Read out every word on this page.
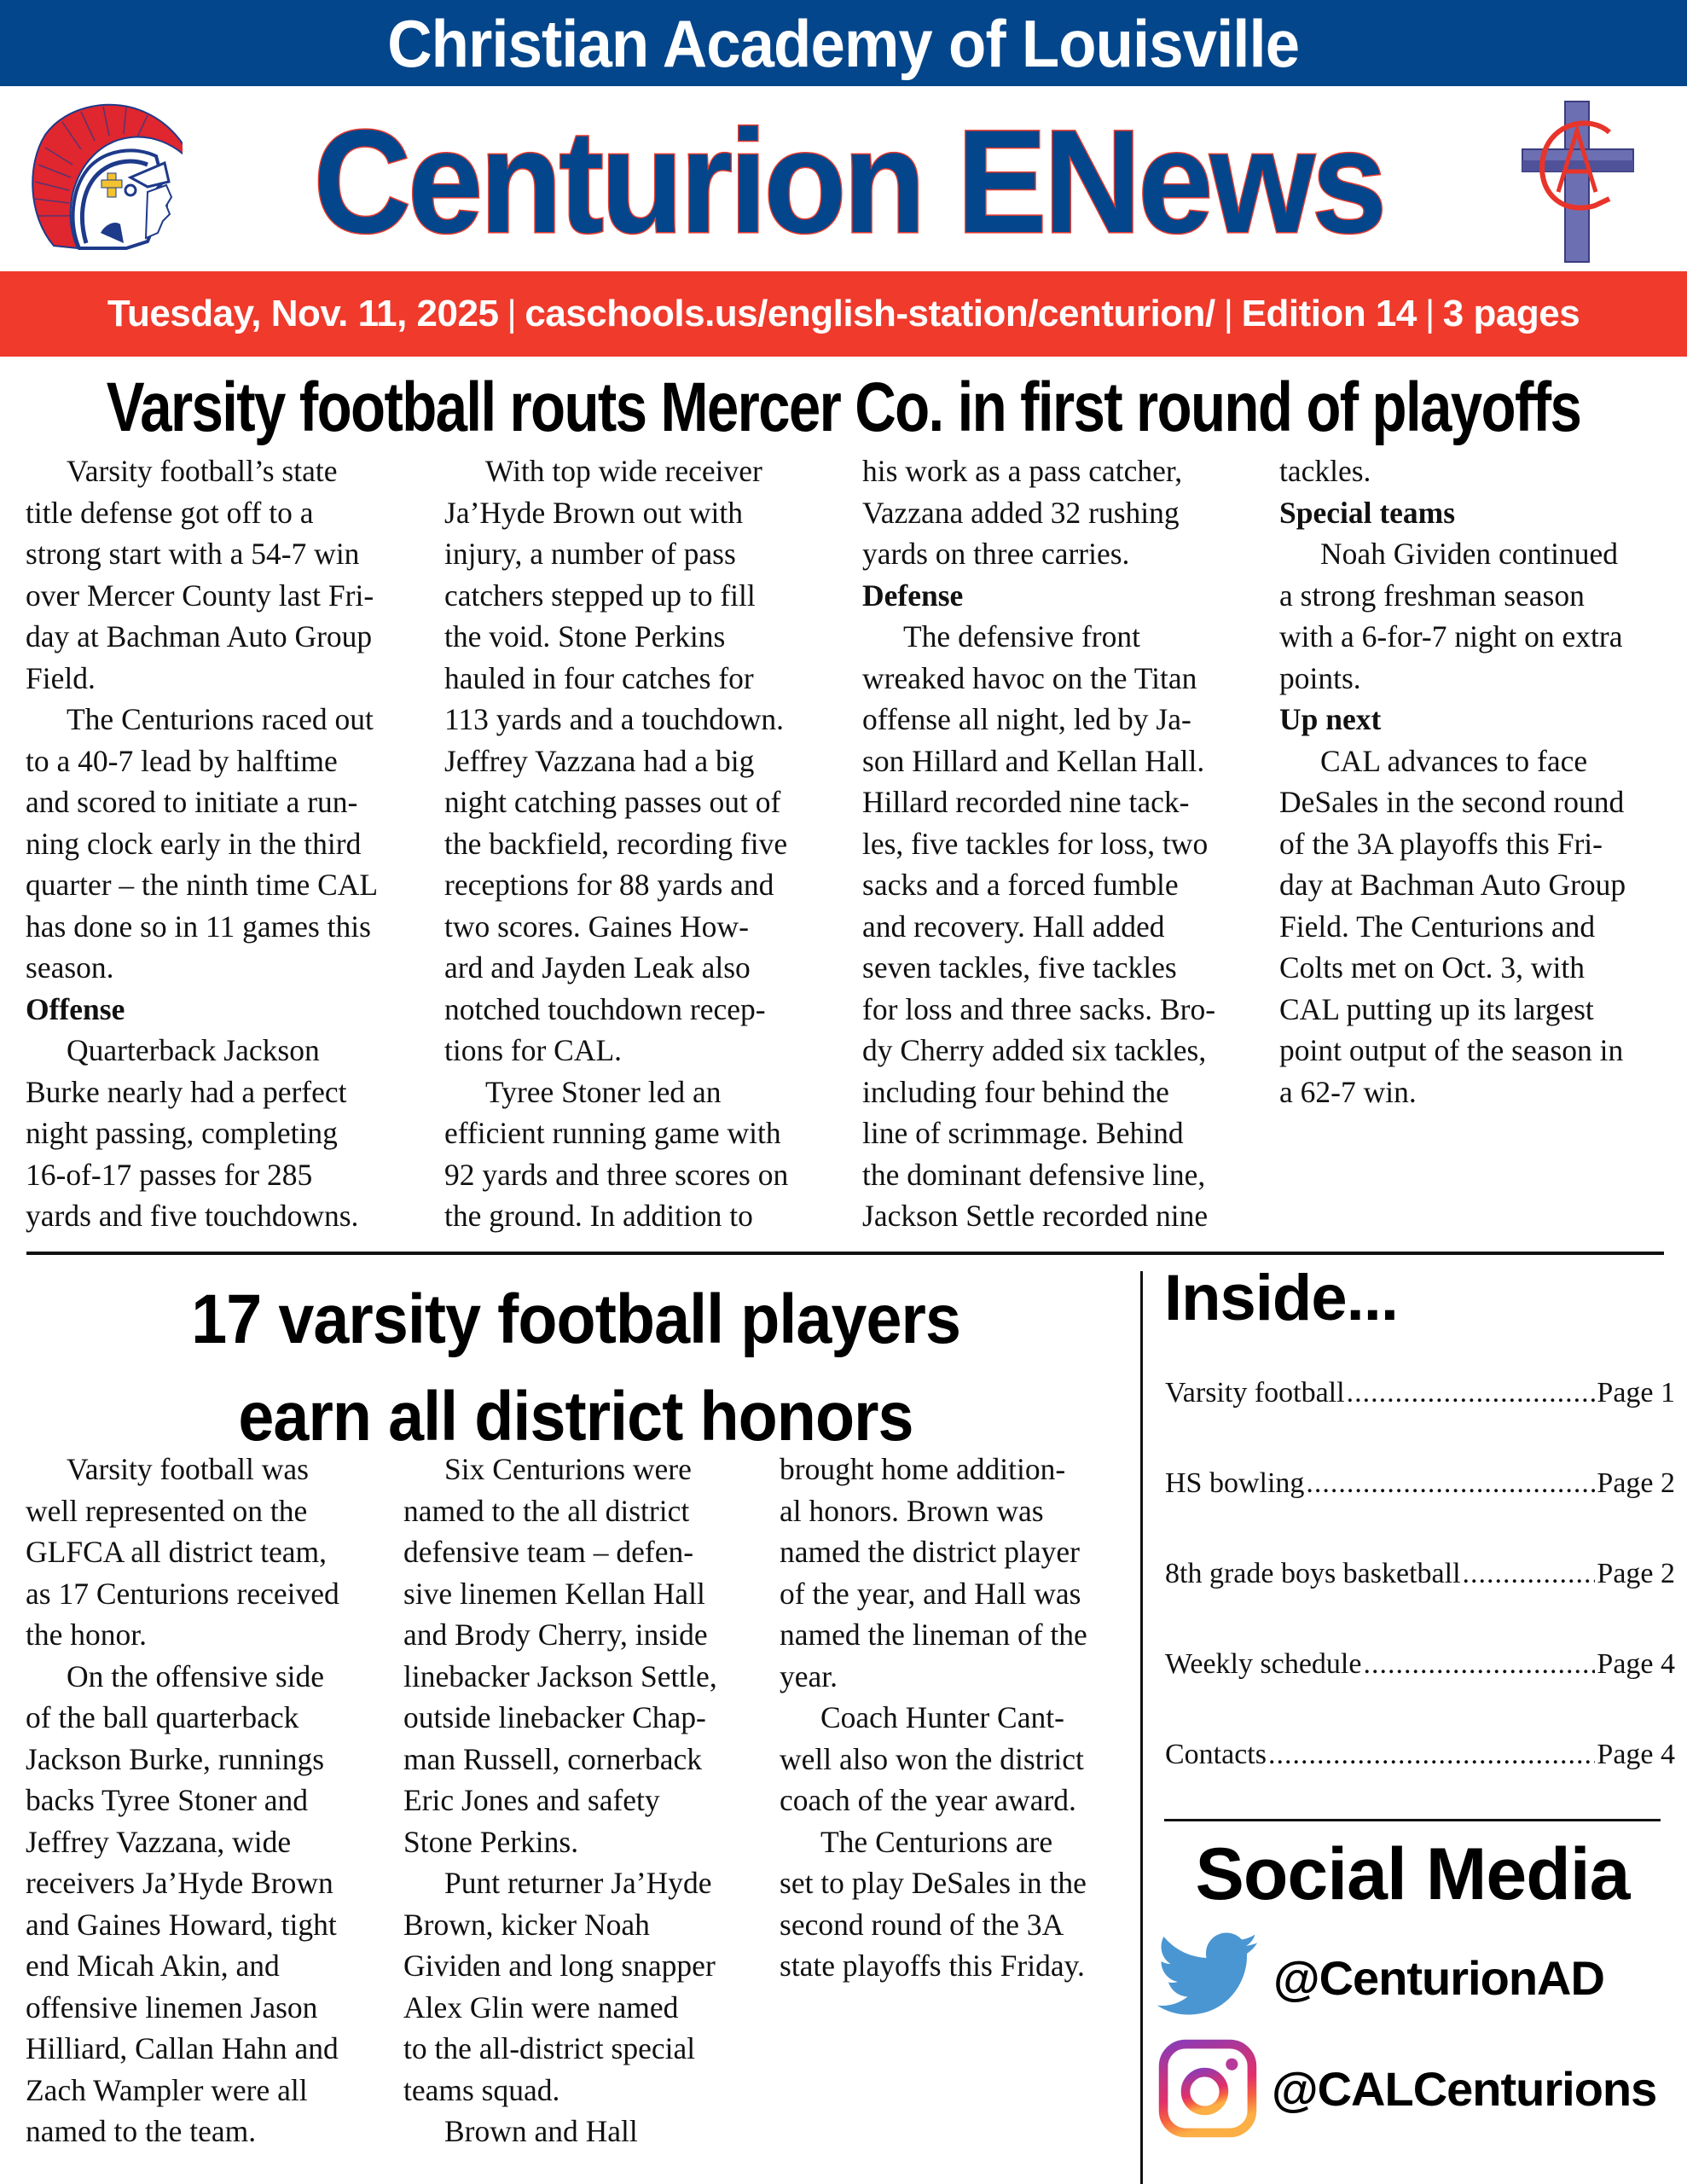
Christian Academy of Louisville
Centurion ENews
Tuesday, Nov. 11, 2025 | caschools.us/english-station/centurion/ | Edition 14 | 3 pages
Varsity football routs Mercer Co. in first round of playoffs

Varsity football’s state
title defense got off to a
strong start with a 54-7 win
over Mercer County last Fri-
day at Bachman Auto Group
Field.

The Centurions raced out
to a 40-7 lead by halftime
and scored to initiate a run-
ning clock early in the third
quarter – the ninth time CAL
has done so in 11 games this
season.

Offense

Quarterback Jackson
Burke nearly had a perfect
night passing, completing
16-of-17 passes for 285
yards and five touchdowns.

With top wide receiver
Ja’Hyde Brown out with
injury, a number of pass
catchers stepped up to fill
the void. Stone Perkins
hauled in four catches for
113 yards and a touchdown.
Jeffrey Vazzana had a big
night catching passes out of
the backfield, recording five
receptions for 88 yards and
two scores. Gaines How-
ard and Jayden Leak also
notched touchdown recep-
tions for CAL.

Tyree Stoner led an
efficient running game with
92 yards and three scores on
the ground. In addition to

his work as a pass catcher,
Vazzana added 32 rushing
yards on three carries.

Defense

The defensive front
wreaked havoc on the Titan
offense all night, led by Ja-
son Hillard and Kellan Hall.
Hillard recorded nine tack-
les, five tackles for loss, two
sacks and a forced fumble
and recovery. Hall added
seven tackles, five tackles
for loss and three sacks. Bro-
dy Cherry added six tackles,
including four behind the
line of scrimmage. Behind
the dominant defensive line,
Jackson Settle recorded nine

tackles.

Special teams

Noah Gividen continued
a strong freshman season
with a 6-for-7 night on extra
points.

Up next

CAL advances to face
DeSales in the second round
of the 3A playoffs this Fri-
day at Bachman Auto Group
Field. The Centurions and
Colts met on Oct. 3, with
CAL putting up its largest
point output of the season in
a 62-7 win.

17 varsity football players
earn all district honors

Varsity football was
well represented on the
GLFCA all district team,
as 17 Centurions received
the honor.

On the offensive side
of the ball quarterback
Jackson Burke, runnings
backs Tyree Stoner and
Jeffrey Vazzana, wide
receivers Ja’Hyde Brown
and Gaines Howard, tight
end Micah Akin, and
offensive linemen Jason
Hilliard, Callan Hahn and
Zach Wampler were all
named to the team.

Six Centurions were
named to the all district
defensive team – defen-
sive linemen Kellan Hall
and Brody Cherry, inside
linebacker Jackson Settle,
outside linebacker Chap-
man Russell, cornerback
Eric Jones and safety
Stone Perkins.

Punt returner Ja’Hyde
Brown, kicker Noah
Gividen and long snapper
Alex Glin were named
to the all-district special
teams squad.

Brown and Hall

brought home addition-
al honors. Brown was
named the district player
of the year, and Hall was
named the lineman of the
year.

Coach Hunter Cant-
well also won the district
coach of the year award.

The Centurions are
set to play DeSales in the
second round of the 3A
state playoffs this Friday.

Inside...
Varsity football .....	Page 1
HS bowling .....	Page 2
8th grade boys basketball .....	Page 2
Weekly schedule .....	Page 4
Contacts .....	Page 4
Social Media
@CenturionAD
@CALCenturions
